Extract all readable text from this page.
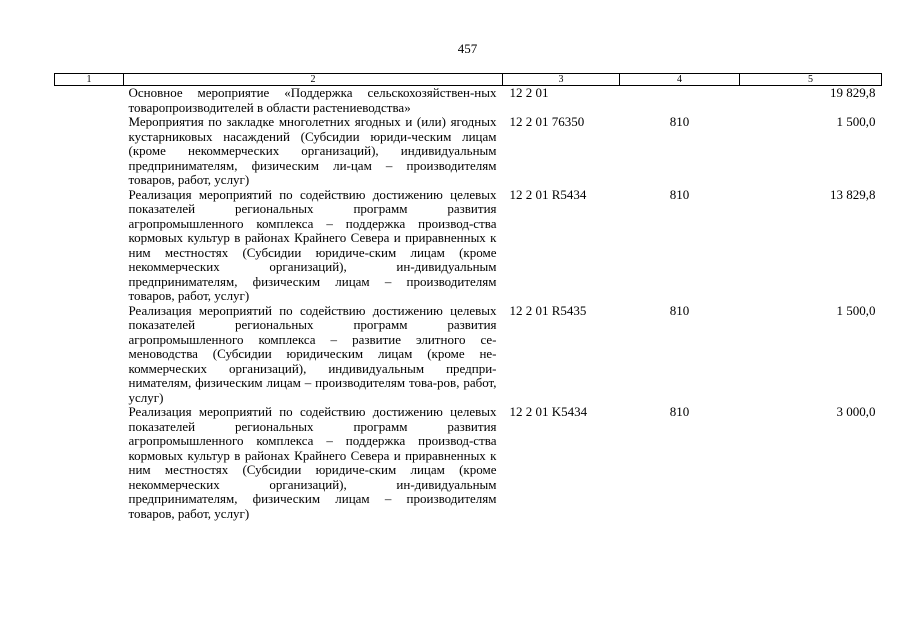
457
1	2	3	4	5
	Основное мероприятие «Поддержка сельскохозяйствен-ных товаропроизводителей в области растениеводства»	12 2 01		19 829,8
	Мероприятия по закладке многолетних ягодных и (или) ягодных кустарниковых насаждений (Субсидии юриди-ческим лицам (кроме некоммерческих организаций), индивидуальным предпринимателям, физическим ли-цам – производителям товаров, работ, услуг)	12 2 01 76350	810	1 500,0
	Реализация мероприятий по содействию достижению целевых показателей региональных программ развития агропромышленного комплекса – поддержка производ-ства кормовых культур в районах Крайнего Севера и приравненных к ним местностях (Субсидии юридиче-ским лицам (кроме некоммерческих организаций), ин-дивидуальным предпринимателям, физическим лицам – производителям товаров, работ, услуг)	12 2 01 R5434	810	13 829,8
	Реализация мероприятий по содействию достижению целевых показателей региональных программ развития агропромышленного комплекса – развитие элитного се-меноводства (Субсидии юридическим лицам (кроме не-коммерческих организаций), индивидуальным предпри-нимателям, физическим лицам – производителям това-ров, работ, услуг)	12 2 01 R5435	810	1 500,0
	Реализация мероприятий по содействию достижению целевых показателей региональных программ развития агропромышленного комплекса – поддержка производ-ства кормовых культур в районах Крайнего Севера и приравненных к ним местностях (Субсидии юридиче-ским лицам (кроме некоммерческих организаций), ин-дивидуальным предпринимателям, физическим лицам – производителям товаров, работ, услуг)	12 2 01 K5434	810	3 000,0
